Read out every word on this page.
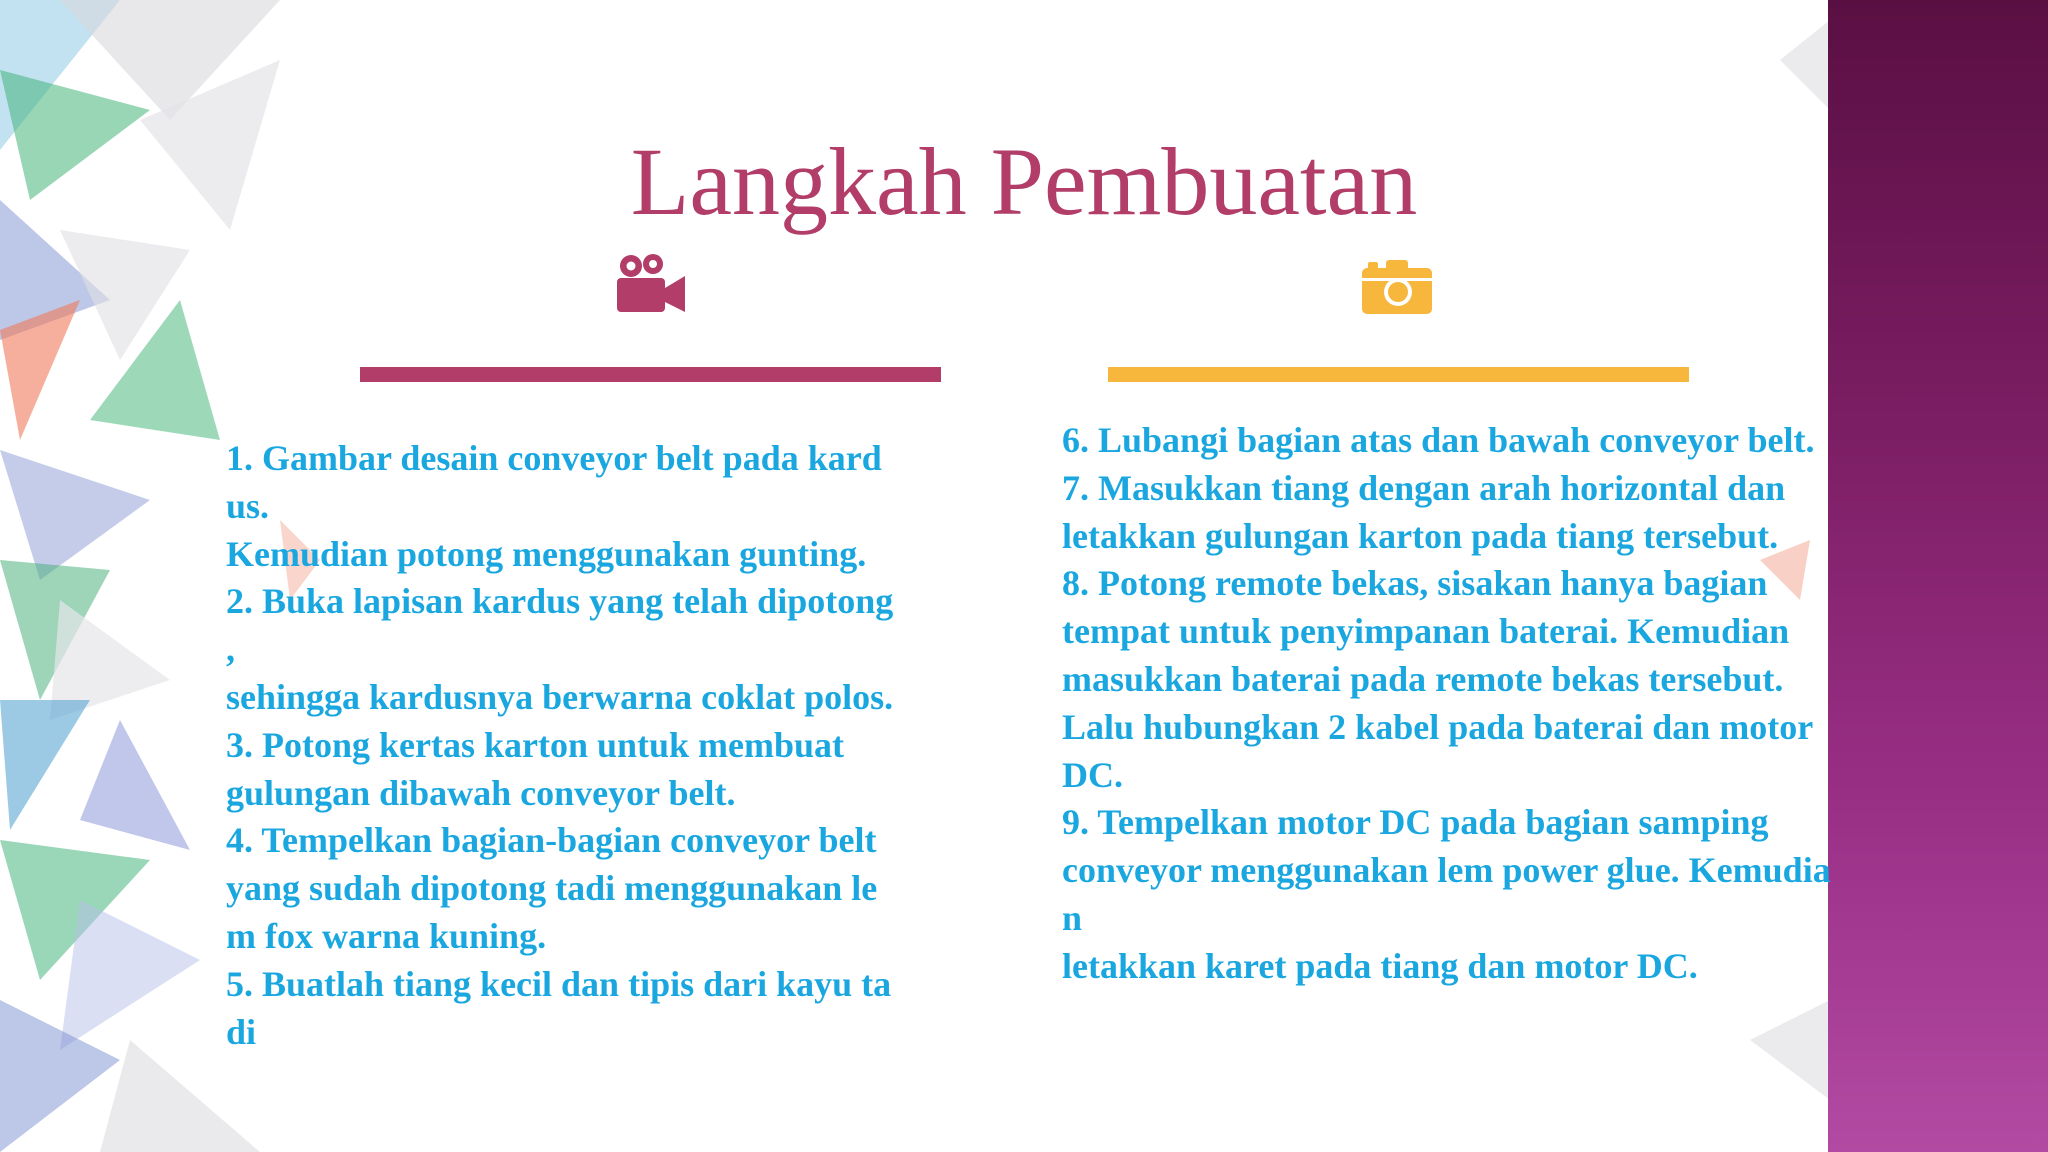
Langkah Pembuatan
1. Gambar desain conveyor belt pada kard
us.
Kemudian potong menggunakan gunting.
2. Buka lapisan kardus yang telah dipotong
,
sehingga kardusnya berwarna coklat polos.
3. Potong kertas karton untuk membuat
gulungan dibawah conveyor belt.
4. Tempelkan bagian-bagian conveyor belt
yang sudah dipotong tadi menggunakan le
m fox warna kuning.
5. Buatlah tiang kecil dan tipis dari kayu ta
di
6. Lubangi bagian atas dan bawah conveyor belt.
7. Masukkan tiang dengan arah horizontal dan
letakkan gulungan karton pada tiang tersebut.
8. Potong remote bekas, sisakan hanya bagian
tempat untuk penyimpanan baterai. Kemudian
masukkan baterai pada remote bekas tersebut.
Lalu hubungkan 2 kabel pada baterai dan motor
DC.
9. Tempelkan motor DC pada bagian samping
conveyor menggunakan lem power glue. Kemudia
n
letakkan karet pada tiang dan motor DC.
